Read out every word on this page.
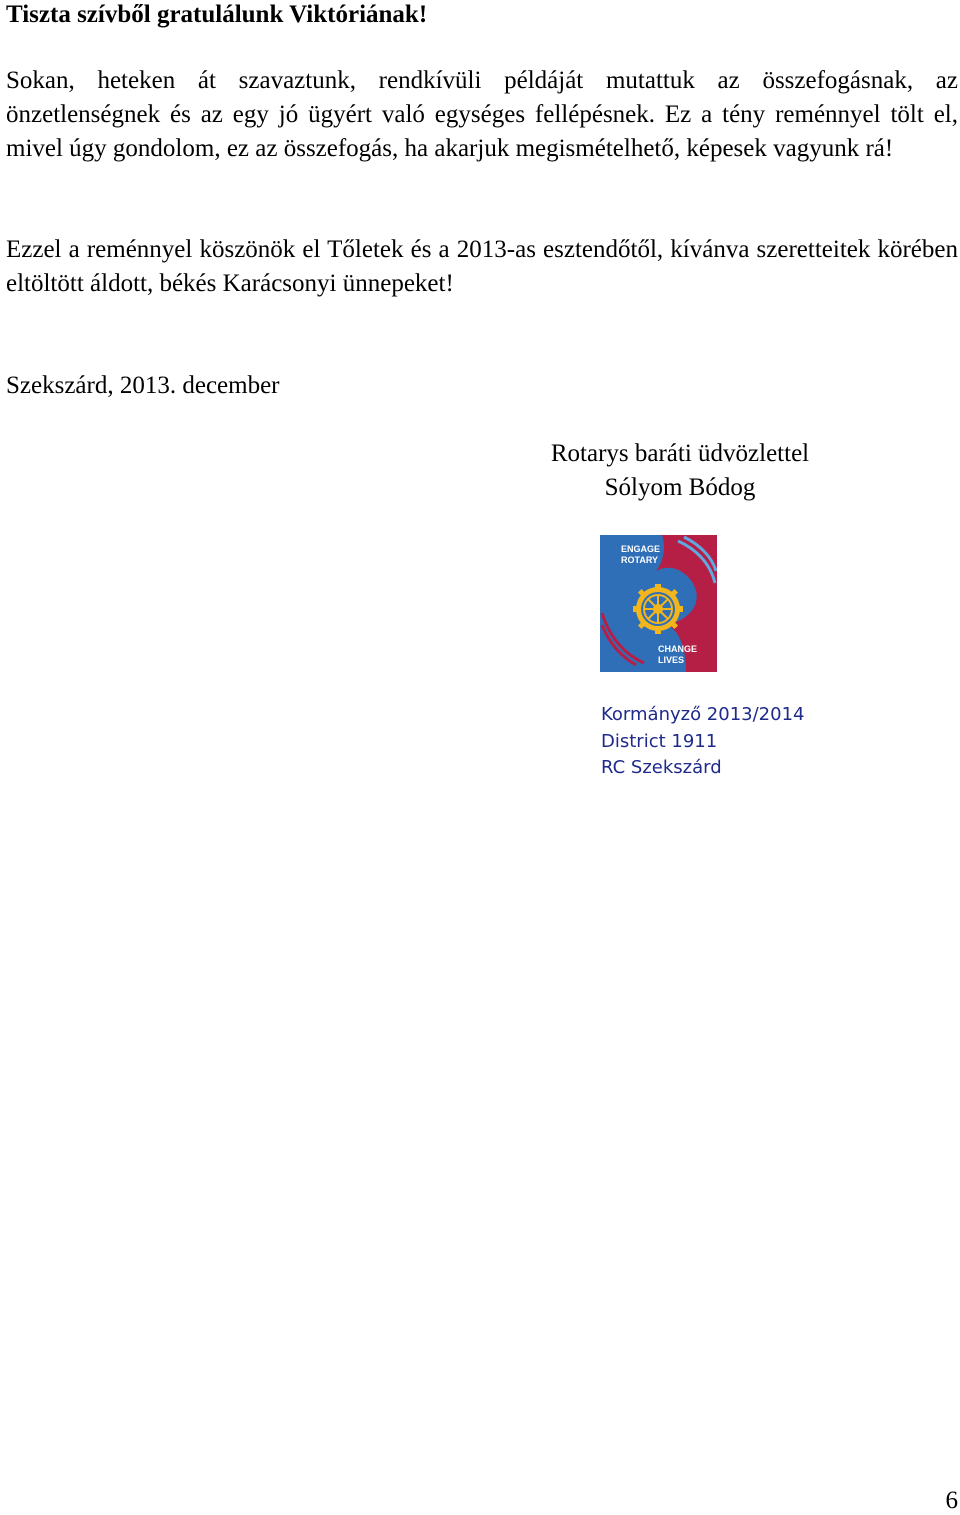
Tiszta szívből gratulálunk Viktóriának!
Sokan, heteken át szavaztunk, rendkívüli példáját mutattuk az összefogásnak, az önzetlenségnek és az egy jó ügyért való egységes fellépésnek. Ez a tény reménnyel tölt el, mivel úgy gondolom, ez az összefogás, ha akarjuk megismételhető, képesek vagyunk rá!
Ezzel a reménnyel köszönök el Tőletek és a 2013-as esztendőtől, kívánva szeretteitek körében eltöltött áldott, békés Karácsonyi ünnepeket!
Szekszárd, 2013. december
Rotarys baráti üdvözlettel
Sólyom Bódog
ENGAGE
ROTARY
CHANGE
LIVES
Kormányző 2013/2014
District 1911
RC Szekszárd
6
